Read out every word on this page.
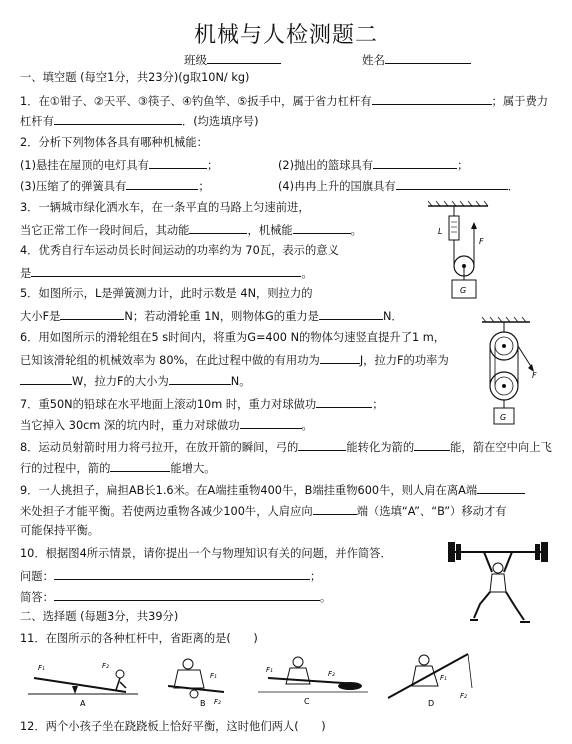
机械与人检测题二
班级	姓名
一、填空题 (每空1分，共23分)(g取10N/ kg)
1．在①钳子、②天平、③筷子、④钓鱼竿、⑤扳手中，属于省力杠杆有	；属于费力
杠杆有	．(均选填序号)
2．分析下列物体各具有哪种机械能：
(1)悬挂在屋顶的电灯具有	；	(2)抛出的篮球具有	；
(3)压缩了的弹簧具有	；	(4)冉冉上升的国旗具有	．
3．一辆城市绿化洒水车，在一条平直的马路上匀速前进，
当它正常工作一段时间后，其动能	，机械能	。
4．优秀自行车运动员长时间运动的功率约为 70瓦，表示的意义
是	。
5．如图所示，L是弹簧测力计，此时示数是 4N，则拉力的
大小F是	N；若动滑轮重 1N，则物体G的重力是	N．
6．用如图所示的滑轮组在5 s时间内，将重为G=400 N的物体匀速竖直提升了1 m，
已知该滑轮组的机械效率为 80%，在此过程中做的有用功为	J，拉力F的功率为
W，拉力F的大小为	N。
7．重50N的铅球在水平地面上滚动10m 时，重力对球做功	；
当它掉入 30cm 深的坑内时，重力对球做功	。
8．运动员射箭时用力将弓拉开，在放开箭的瞬间，弓的	能转化为箭的	能，箭在空中向上飞
行的过程中，箭的	能增大。
9．一人挑担子，扁担AB长1.6米。在A端挂重物400牛，B端挂重物600牛，则人肩在离A端
米处担子才能平衡。若使两边重物各减少100牛，人肩应向	端（选填“A”、“B”）移动才有
可能保持平衡。
10．根据图4所示情景，请你提出一个与物理知识有关的问题，并作简答．
问题：	；
简答：	。
二、选择题 (每题3分，共39分)
11．在图所示的各种杠杆中，省距离的是(　　)
12．两个小孩子坐在跷跷板上恰好平衡，这时他们两人(　　)
L
F
G
F
G
F₁	F₂
A
F₁
F₂
B
F₁	F₂
C
F₁
F₂
D
